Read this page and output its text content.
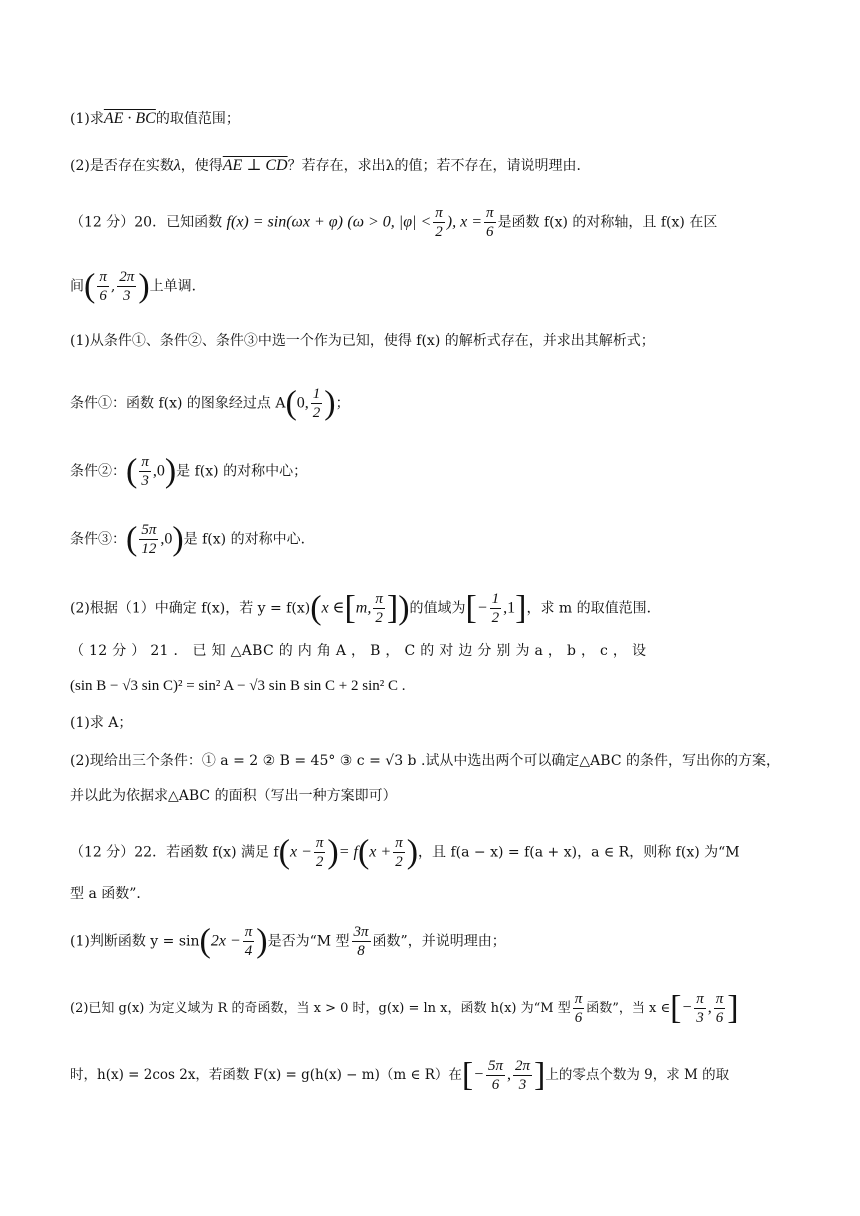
(1)求AE · BC的取值范围；
(2)是否存在实数λ，使得AE ⊥ CD？若存在，求出λ的值；若不存在，请说明理由．
（12 分）20．已知函数 f(x) = sin(ωx + φ) (ω > 0, $|\varphi| < \frac{\pi}{2}$ ), $x = \frac{\pi}{6}$ 是函数 f(x) 的对称轴，且 f(x) 在区
间( $\frac{\pi}{6}$ , $\frac{2\pi}{3}$ )上单调．
(1)从条件①、条件②、条件③中选一个作为已知，使得 f(x) 的解析式存在，并求出其解析式；
条件①：函数 f(x) 的图象经过点 A(0, $\frac{1}{2}$ )；
条件②：( $\frac{\pi}{3} ,0$)是 f(x) 的对称中心；
条件③：( $\frac{5\pi}{12} ,0$)是 f(x) 的对称中心．
(2)根据（1）中确定 f(x)，若 y = f(x)(x ∈[m, $\frac{\pi}{2}$ ])的值域为[− $\frac{1}{2} ,1$]，求 m 的取值范围．
（ 12 分 ） 21 ． 已 知 △ABC 的 内 角 A ， B ， C 的 对 边 分 别 为 a ， b ， c ， 设
(sin B − √3 sin C)² = sin² A − √3 sin B sin C + 2 sin² C .
(1)求 A；
(2)现给出三个条件：① a = 2 ② B = 45° ③ c = √3 b .试从中选出两个可以确定△ABC 的条件，写出你的方案，
并以此为依据求△ABC 的面积（写出一种方案即可）
（12 分）22．若函数 f(x) 满足 $f(x - \frac{\pi}{2}$ )= $f(x + \frac{\pi}{2}$ )，且 f(a − x) = f(a + x)，a ∈ R，则称 f(x) 为“M
型 a 函数”．
(1)判断函数 $y = \sin(2x - \frac{\pi}{4}$ )是否为“M 型 $\frac{3\pi}{8}$ 函数”，并说明理由；
(2)已知 g(x) 为定义域为 R 的奇函数，当 x > 0 时，g(x) = ln x，函数 h(x) 为“M 型 $\frac{\pi}{6}$ 函数”，当 x ∈[− $\frac{\pi}{3}$ , $\frac{\pi}{6}$ ]
时，h(x) = 2cos 2x，若函数 F(x) = g(h(x) − m)（m ∈ R）在[− $\frac{5\pi}{6}$ , $\frac{2\pi}{3}$ ]上的零点个数为 9，求 M 的取
